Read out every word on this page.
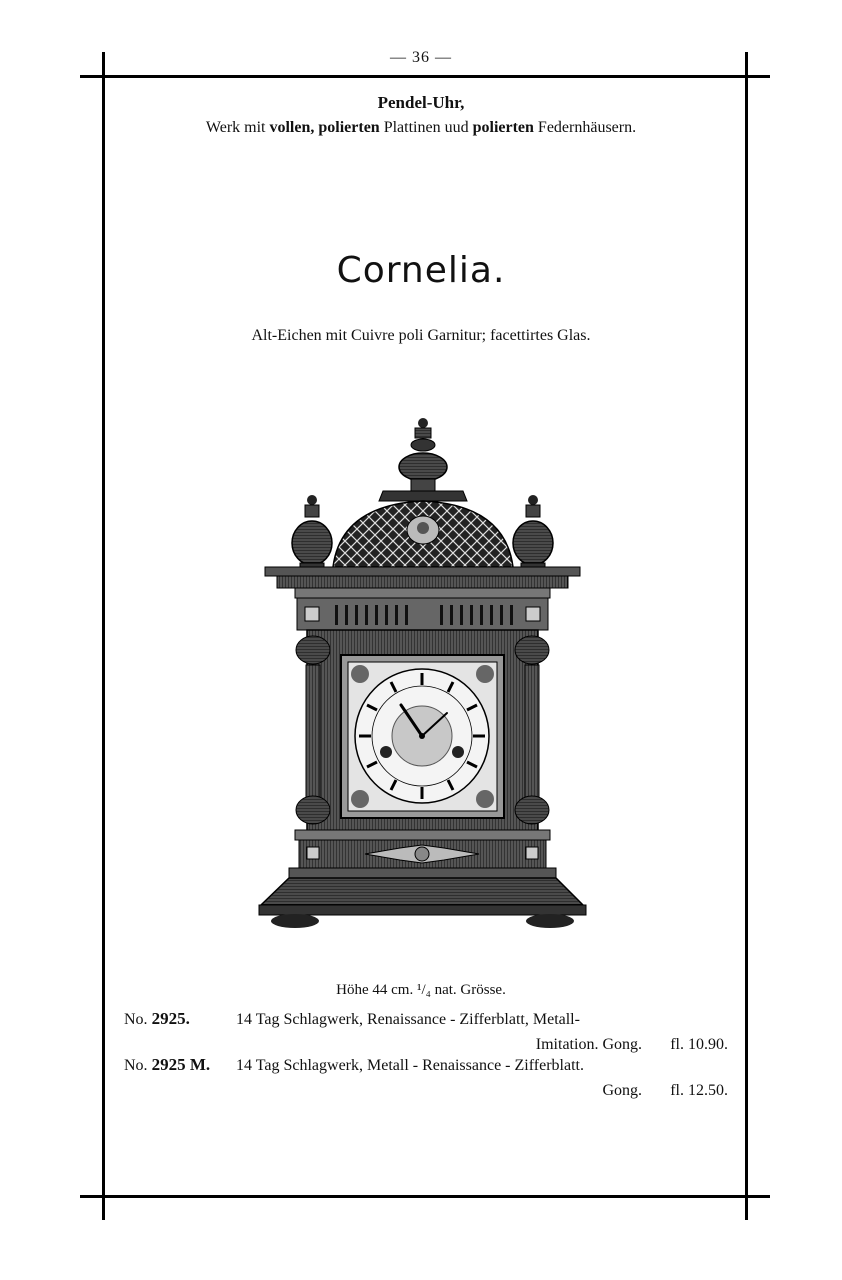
— 36 —
Pendel-Uhr,
Werk mit vollen, polierten Plattinen uud polierten Federnhäusern.
Cornelia.
Alt-Eichen mit Cuivre poli Garnitur; facettirtes Glas.
Höhe 44 cm. ¹/₄ nat. Grösse.
No. 2925.	14 Tag Schlagwerk, Renaissance - Zifferblatt, Metall-
Imitation. Gong. fl. 10.90.
No. 2925 M. 14 Tag Schlagwerk, Metall - Renaissance - Zifferblatt.
Gong. fl. 12.50.
